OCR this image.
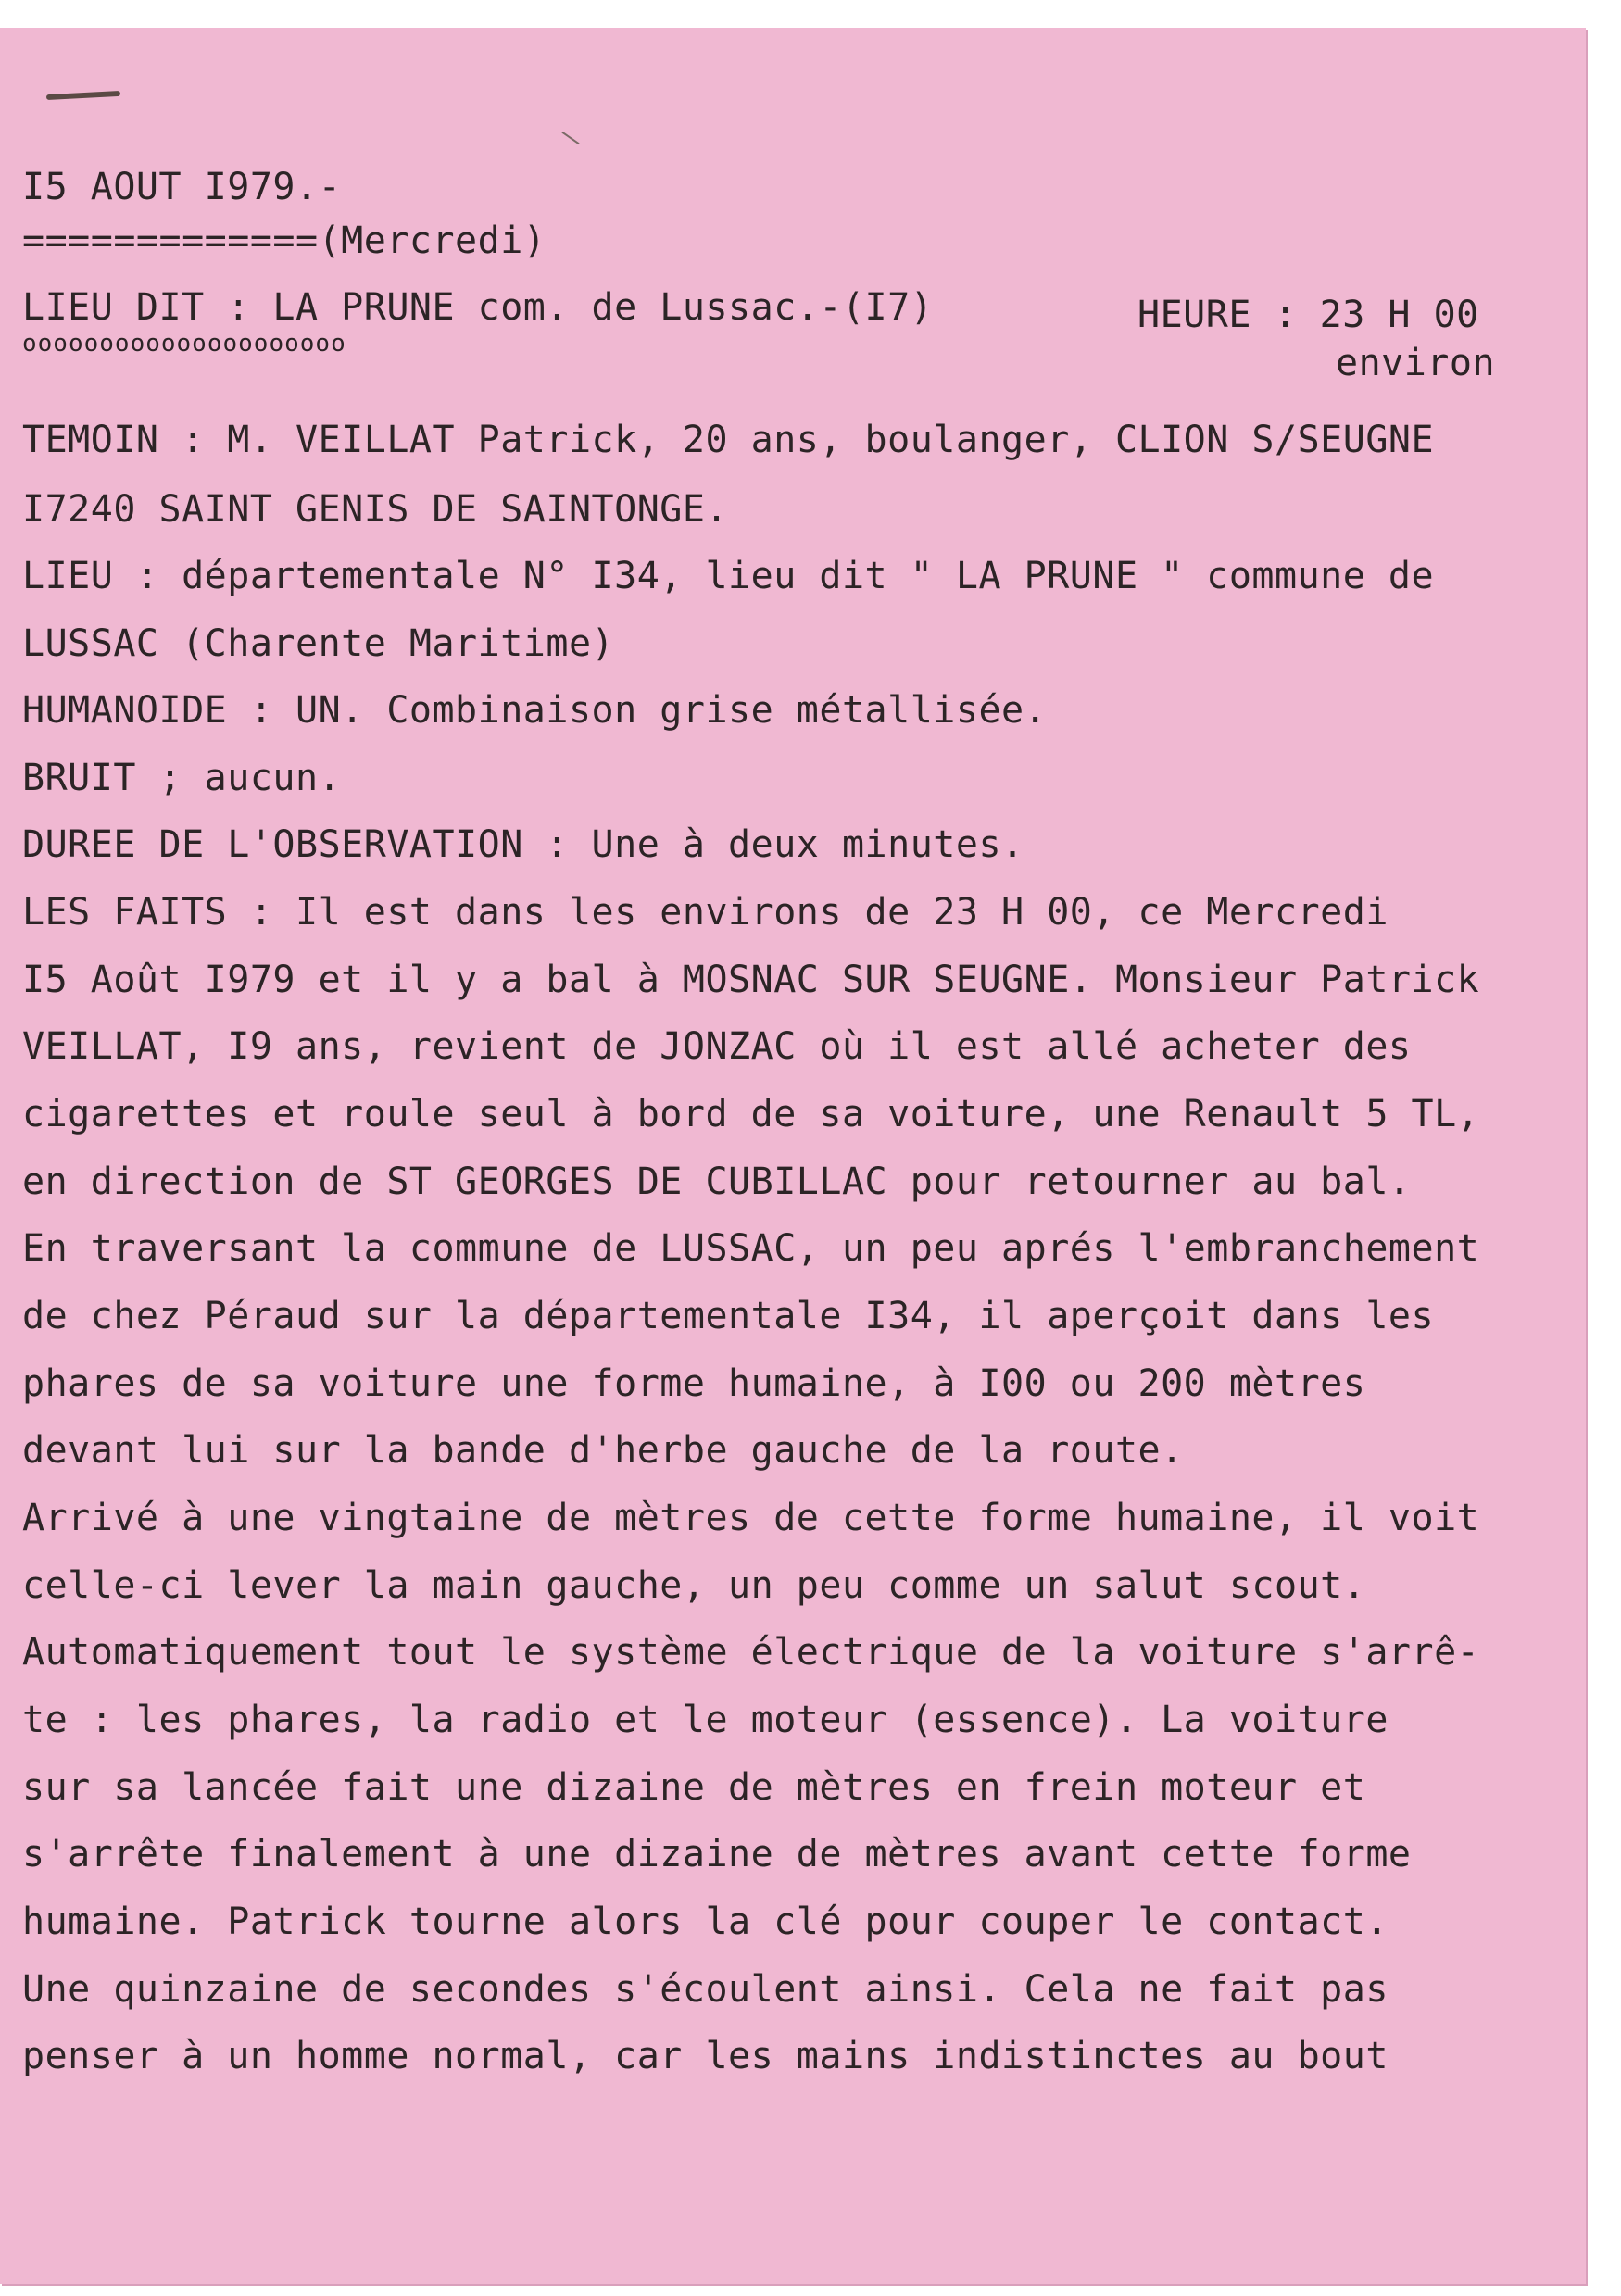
I5 AOUT I979.-
=============(Mercredi)
LIEU DIT : LA PRUNE com. de Lussac.-(I7)
ooooooooooooooooooooo
HEURE : 23 H 00
environ
TEMOIN : M. VEILLAT Patrick, 20 ans, boulanger, CLION S/SEUGNE
I7240 SAINT GENIS DE SAINTONGE.
LIEU : départementale N° I34, lieu dit " LA PRUNE " commune de
LUSSAC (Charente Maritime)
HUMANOIDE : UN. Combinaison grise métallisée.
BRUIT ; aucun.
DUREE DE L'OBSERVATION : Une à deux minutes.
LES FAITS : Il est dans les environs de 23 H 00, ce Mercredi
I5 Août I979 et il y a bal à MOSNAC SUR SEUGNE. Monsieur Patrick
VEILLAT, I9 ans, revient de JONZAC où il est allé acheter des
cigarettes et roule seul à bord de sa voiture, une Renault 5 TL,
en direction de ST GEORGES DE CUBILLAC pour retourner au bal.
En traversant la commune de LUSSAC, un peu aprés l'embranchement
de chez Péraud sur la départementale I34, il aperçoit dans les
phares de sa voiture une forme humaine, à I00 ou 200 mètres
devant lui sur la bande d'herbe gauche de la route.
Arrivé à une vingtaine de mètres de cette forme humaine, il voit
celle-ci lever la main gauche, un peu comme un salut scout.
Automatiquement tout le système électrique de la voiture s'arrê-
te : les phares, la radio et le moteur (essence). La voiture
sur sa lancée fait une dizaine de mètres en frein moteur et
s'arrête finalement à une dizaine de mètres avant cette forme
humaine. Patrick tourne alors la clé pour couper le contact.
Une quinzaine de secondes s'écoulent ainsi. Cela ne fait pas
penser à un homme normal, car les mains indistinctes au bout
